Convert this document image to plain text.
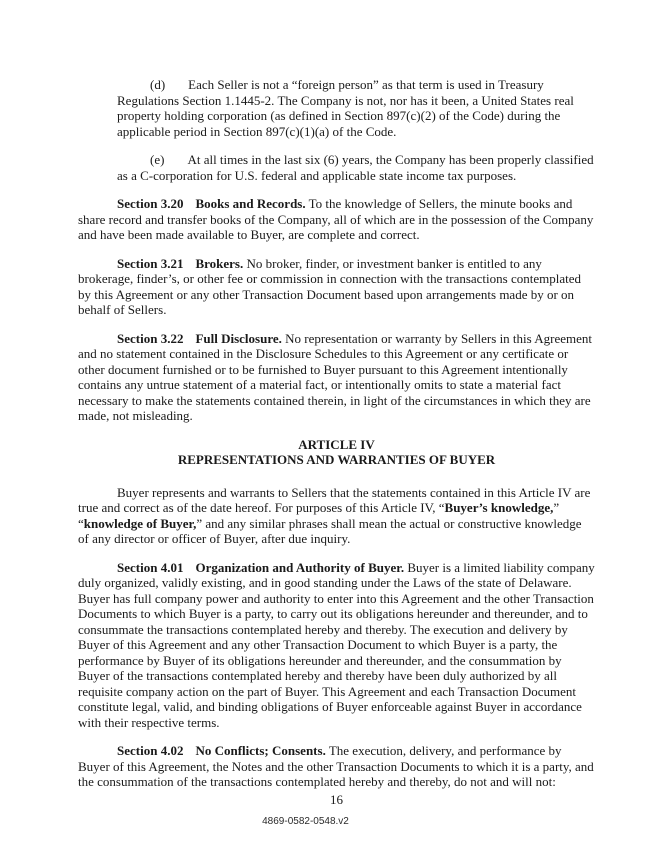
(d) Each Seller is not a “foreign person” as that term is used in Treasury Regulations Section 1.1445-2. The Company is not, nor has it been, a United States real property holding corporation (as defined in Section 897(c)(2) of the Code) during the applicable period in Section 897(c)(1)(a) of the Code.

(e) At all times in the last six (6) years, the Company has been properly classified as a C-corporation for U.S. federal and applicable state income tax purposes.

Section 3.20 Books and Records. To the knowledge of Sellers, the minute books and share record and transfer books of the Company, all of which are in the possession of the Company and have been made available to Buyer, are complete and correct.

Section 3.21 Brokers. No broker, finder, or investment banker is entitled to any brokerage, finder’s, or other fee or commission in connection with the transactions contemplated by this Agreement or any other Transaction Document based upon arrangements made by or on behalf of Sellers.

Section 3.22 Full Disclosure. No representation or warranty by Sellers in this Agreement and no statement contained in the Disclosure Schedules to this Agreement or any certificate or other document furnished or to be furnished to Buyer pursuant to this Agreement intentionally contains any untrue statement of a material fact, or intentionally omits to state a material fact necessary to make the statements contained therein, in light of the circumstances in which they are made, not misleading.

ARTICLE IV
REPRESENTATIONS AND WARRANTIES OF BUYER

Buyer represents and warrants to Sellers that the statements contained in this Article IV are true and correct as of the date hereof. For purposes of this Article IV, “Buyer’s knowledge,” “knowledge of Buyer,” and any similar phrases shall mean the actual or constructive knowledge of any director or officer of Buyer, after due inquiry.

Section 4.01 Organization and Authority of Buyer. Buyer is a limited liability company duly organized, validly existing, and in good standing under the Laws of the state of Delaware. Buyer has full company power and authority to enter into this Agreement and the other Transaction Documents to which Buyer is a party, to carry out its obligations hereunder and thereunder, and to consummate the transactions contemplated hereby and thereby. The execution and delivery by Buyer of this Agreement and any other Transaction Document to which Buyer is a party, the performance by Buyer of its obligations hereunder and thereunder, and the consummation by Buyer of the transactions contemplated hereby and thereby have been duly authorized by all requisite company action on the part of Buyer. This Agreement and each Transaction Document constitute legal, valid, and binding obligations of Buyer enforceable against Buyer in accordance with their respective terms.

Section 4.02 No Conflicts; Consents. The execution, delivery, and performance by Buyer of this Agreement, the Notes and the other Transaction Documents to which it is a party, and the consummation of the transactions contemplated hereby and thereby, do not and will not:

16
4869-0582-0548.v2
